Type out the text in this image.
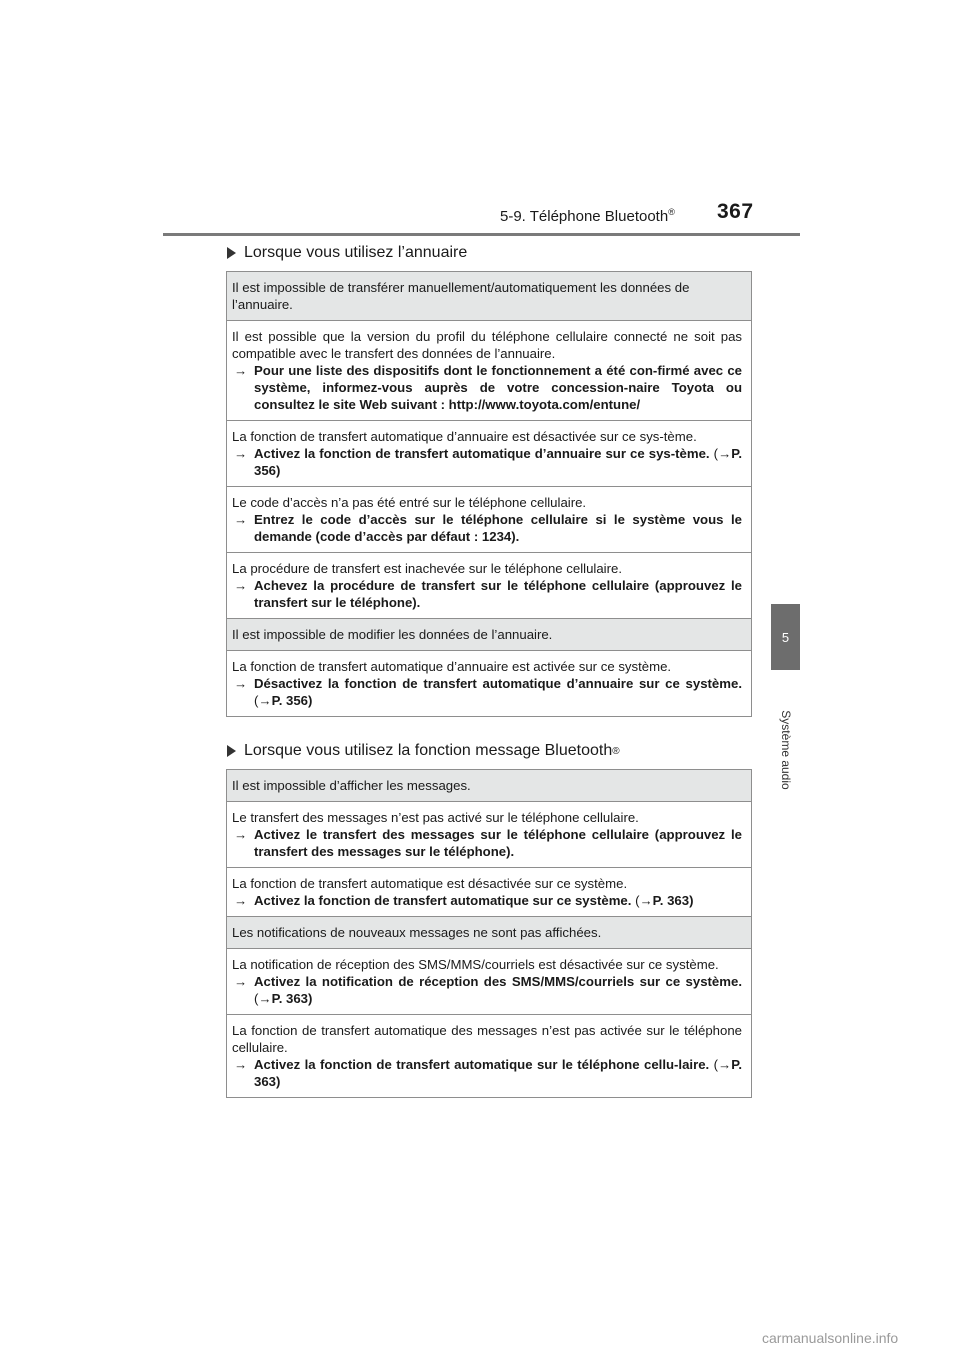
5-9. Téléphone Bluetooth® 367
5
Système audio
Lorsque vous utilisez l’annuaire
Il est impossible de transférer manuellement/automatiquement les données de l’annuaire.

Il est possible que la version du profil du téléphone cellulaire connecté ne soit pas compatible avec le transfert des données de l’annuaire.
→ Pour une liste des dispositifs dont le fonctionnement a été con-firmé avec ce système, informez-vous auprès de votre concession-naire Toyota ou consultez le site Web suivant : http://www.toyota.com/entune/

La fonction de transfert automatique d’annuaire est désactivée sur ce sys-tème.
→ Activez la fonction de transfert automatique d’annuaire sur ce sys-tème. (→P. 356)

Le code d’accès n’a pas été entré sur le téléphone cellulaire.
→ Entrez le code d’accès sur le téléphone cellulaire si le système vous le demande (code d’accès par défaut : 1234).

La procédure de transfert est inachevée sur le téléphone cellulaire.
→ Achevez la procédure de transfert sur le téléphone cellulaire (approuvez le transfert sur le téléphone).

Il est impossible de modifier les données de l’annuaire.

La fonction de transfert automatique d’annuaire est activée sur ce système.
→ Désactivez la fonction de transfert automatique d’annuaire sur ce système. (→P. 356)
Lorsque vous utilisez la fonction message Bluetooth ®
Il est impossible d’afficher les messages.

Le transfert des messages n’est pas activé sur le téléphone cellulaire.
→ Activez le transfert des messages sur le téléphone cellulaire (approuvez le transfert des messages sur le téléphone).

La fonction de transfert automatique est désactivée sur ce système.
→ Activez la fonction de transfert automatique sur ce système. (→P. 363)

Les notifications de nouveaux messages ne sont pas affichées.

La notification de réception des SMS/MMS/courriels est désactivée sur ce système.
→ Activez la notification de réception des SMS/MMS/courriels sur ce système. (→P. 363)

La fonction de transfert automatique des messages n’est pas activée sur le téléphone cellulaire.
→ Activez la fonction de transfert automatique sur le téléphone cellu-laire. (→P. 363)
carmanualsonline.info
